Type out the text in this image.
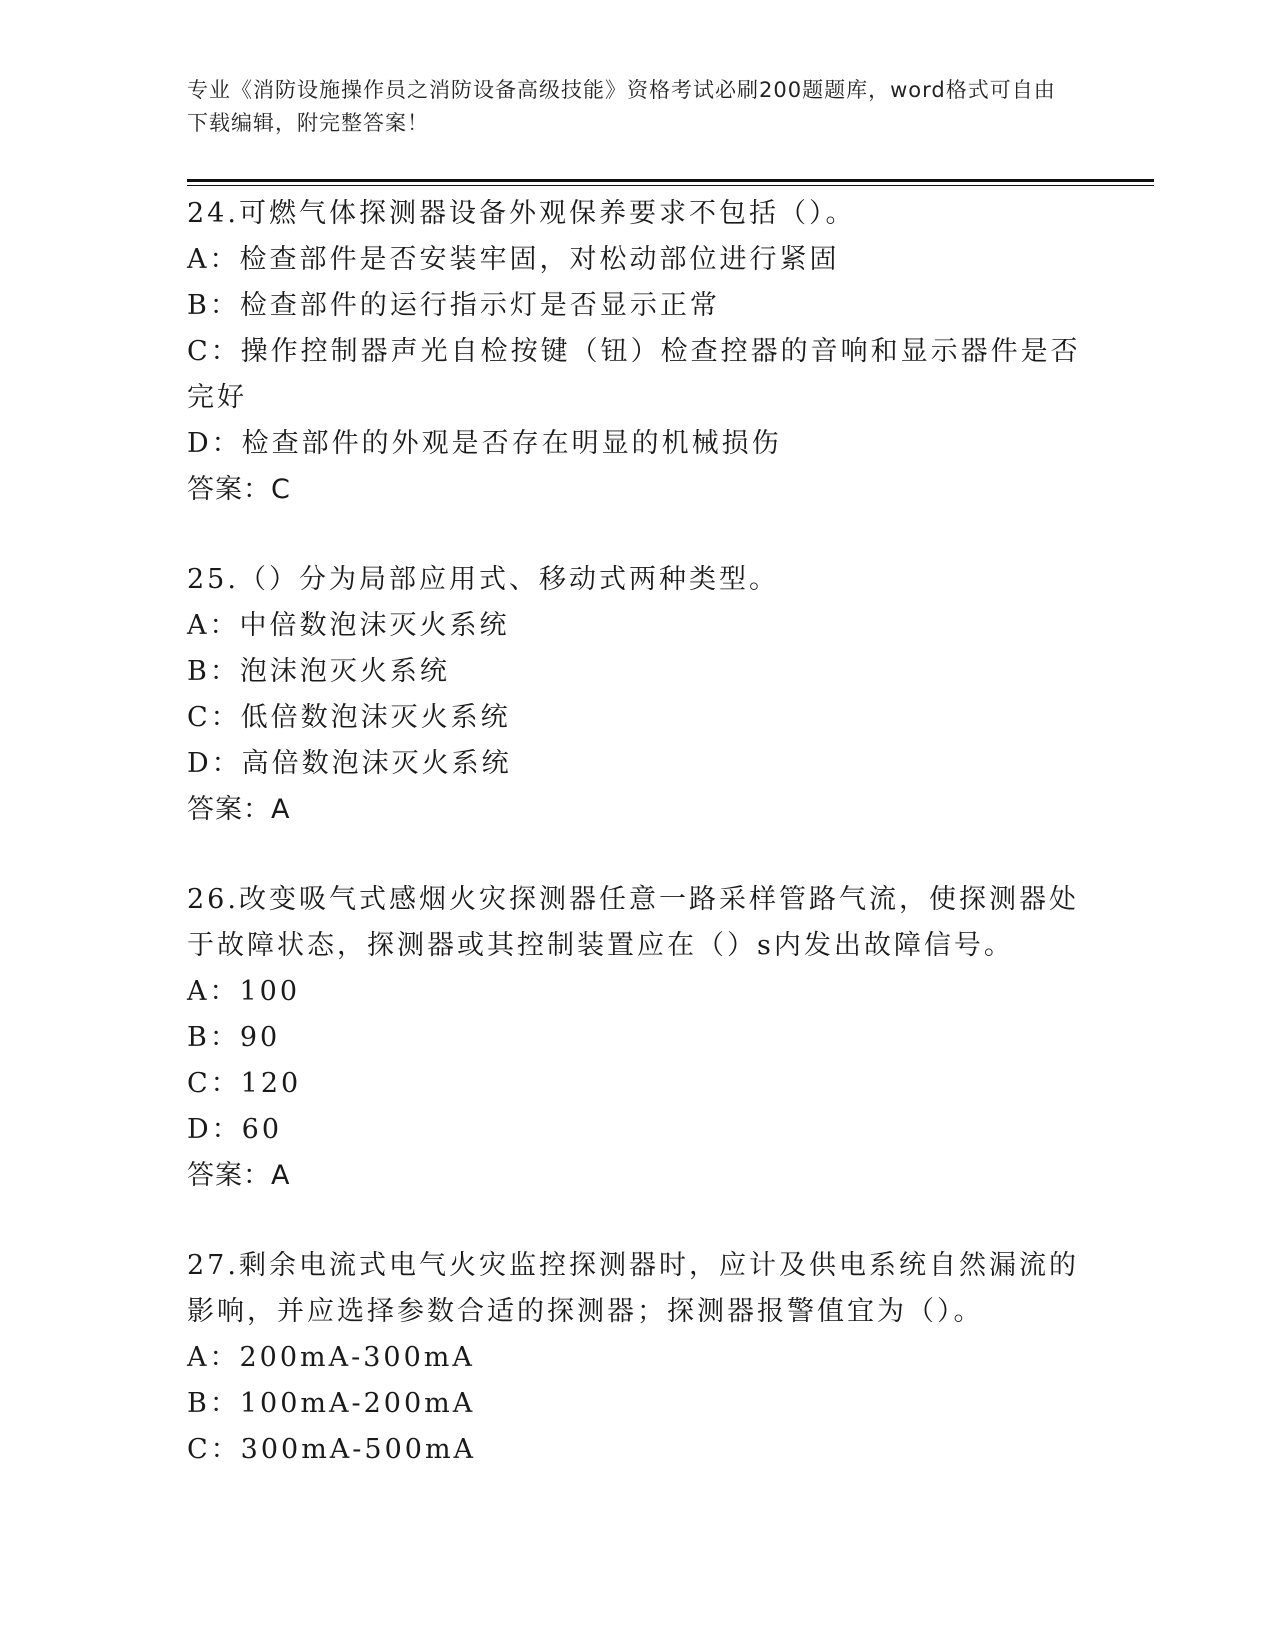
专业《消防设施操作员之消防设备高级技能》资格考试必刷200题题库，word格式可自由下载编辑，附完整答案！
24.可燃气体探测器设备外观保养要求不包括（）。
A：检查部件是否安装牢固，对松动部位进行紧固
B：检查部件的运行指示灯是否显示正常
C：操作控制器声光自检按键（钮）检查控器的音响和显示器件是否完好
D：检查部件的外观是否存在明显的机械损伤
答案：C
25.（）分为局部应用式、移动式两种类型。
A：中倍数泡沫灭火系统
B：泡沫泡灭火系统
C：低倍数泡沫灭火系统
D：高倍数泡沫灭火系统
答案：A
26.改变吸气式感烟火灾探测器任意一路采样管路气流，使探测器处于故障状态，探测器或其控制装置应在（）s内发出故障信号。
A：100
B：90
C：120
D：60
答案：A
27.剩余电流式电气火灾监控探测器时，应计及供电系统自然漏流的影响，并应选择参数合适的探测器；探测器报警值宜为（）。
A：200mA-300mA
B：100mA-200mA
C：300mA-500mA
